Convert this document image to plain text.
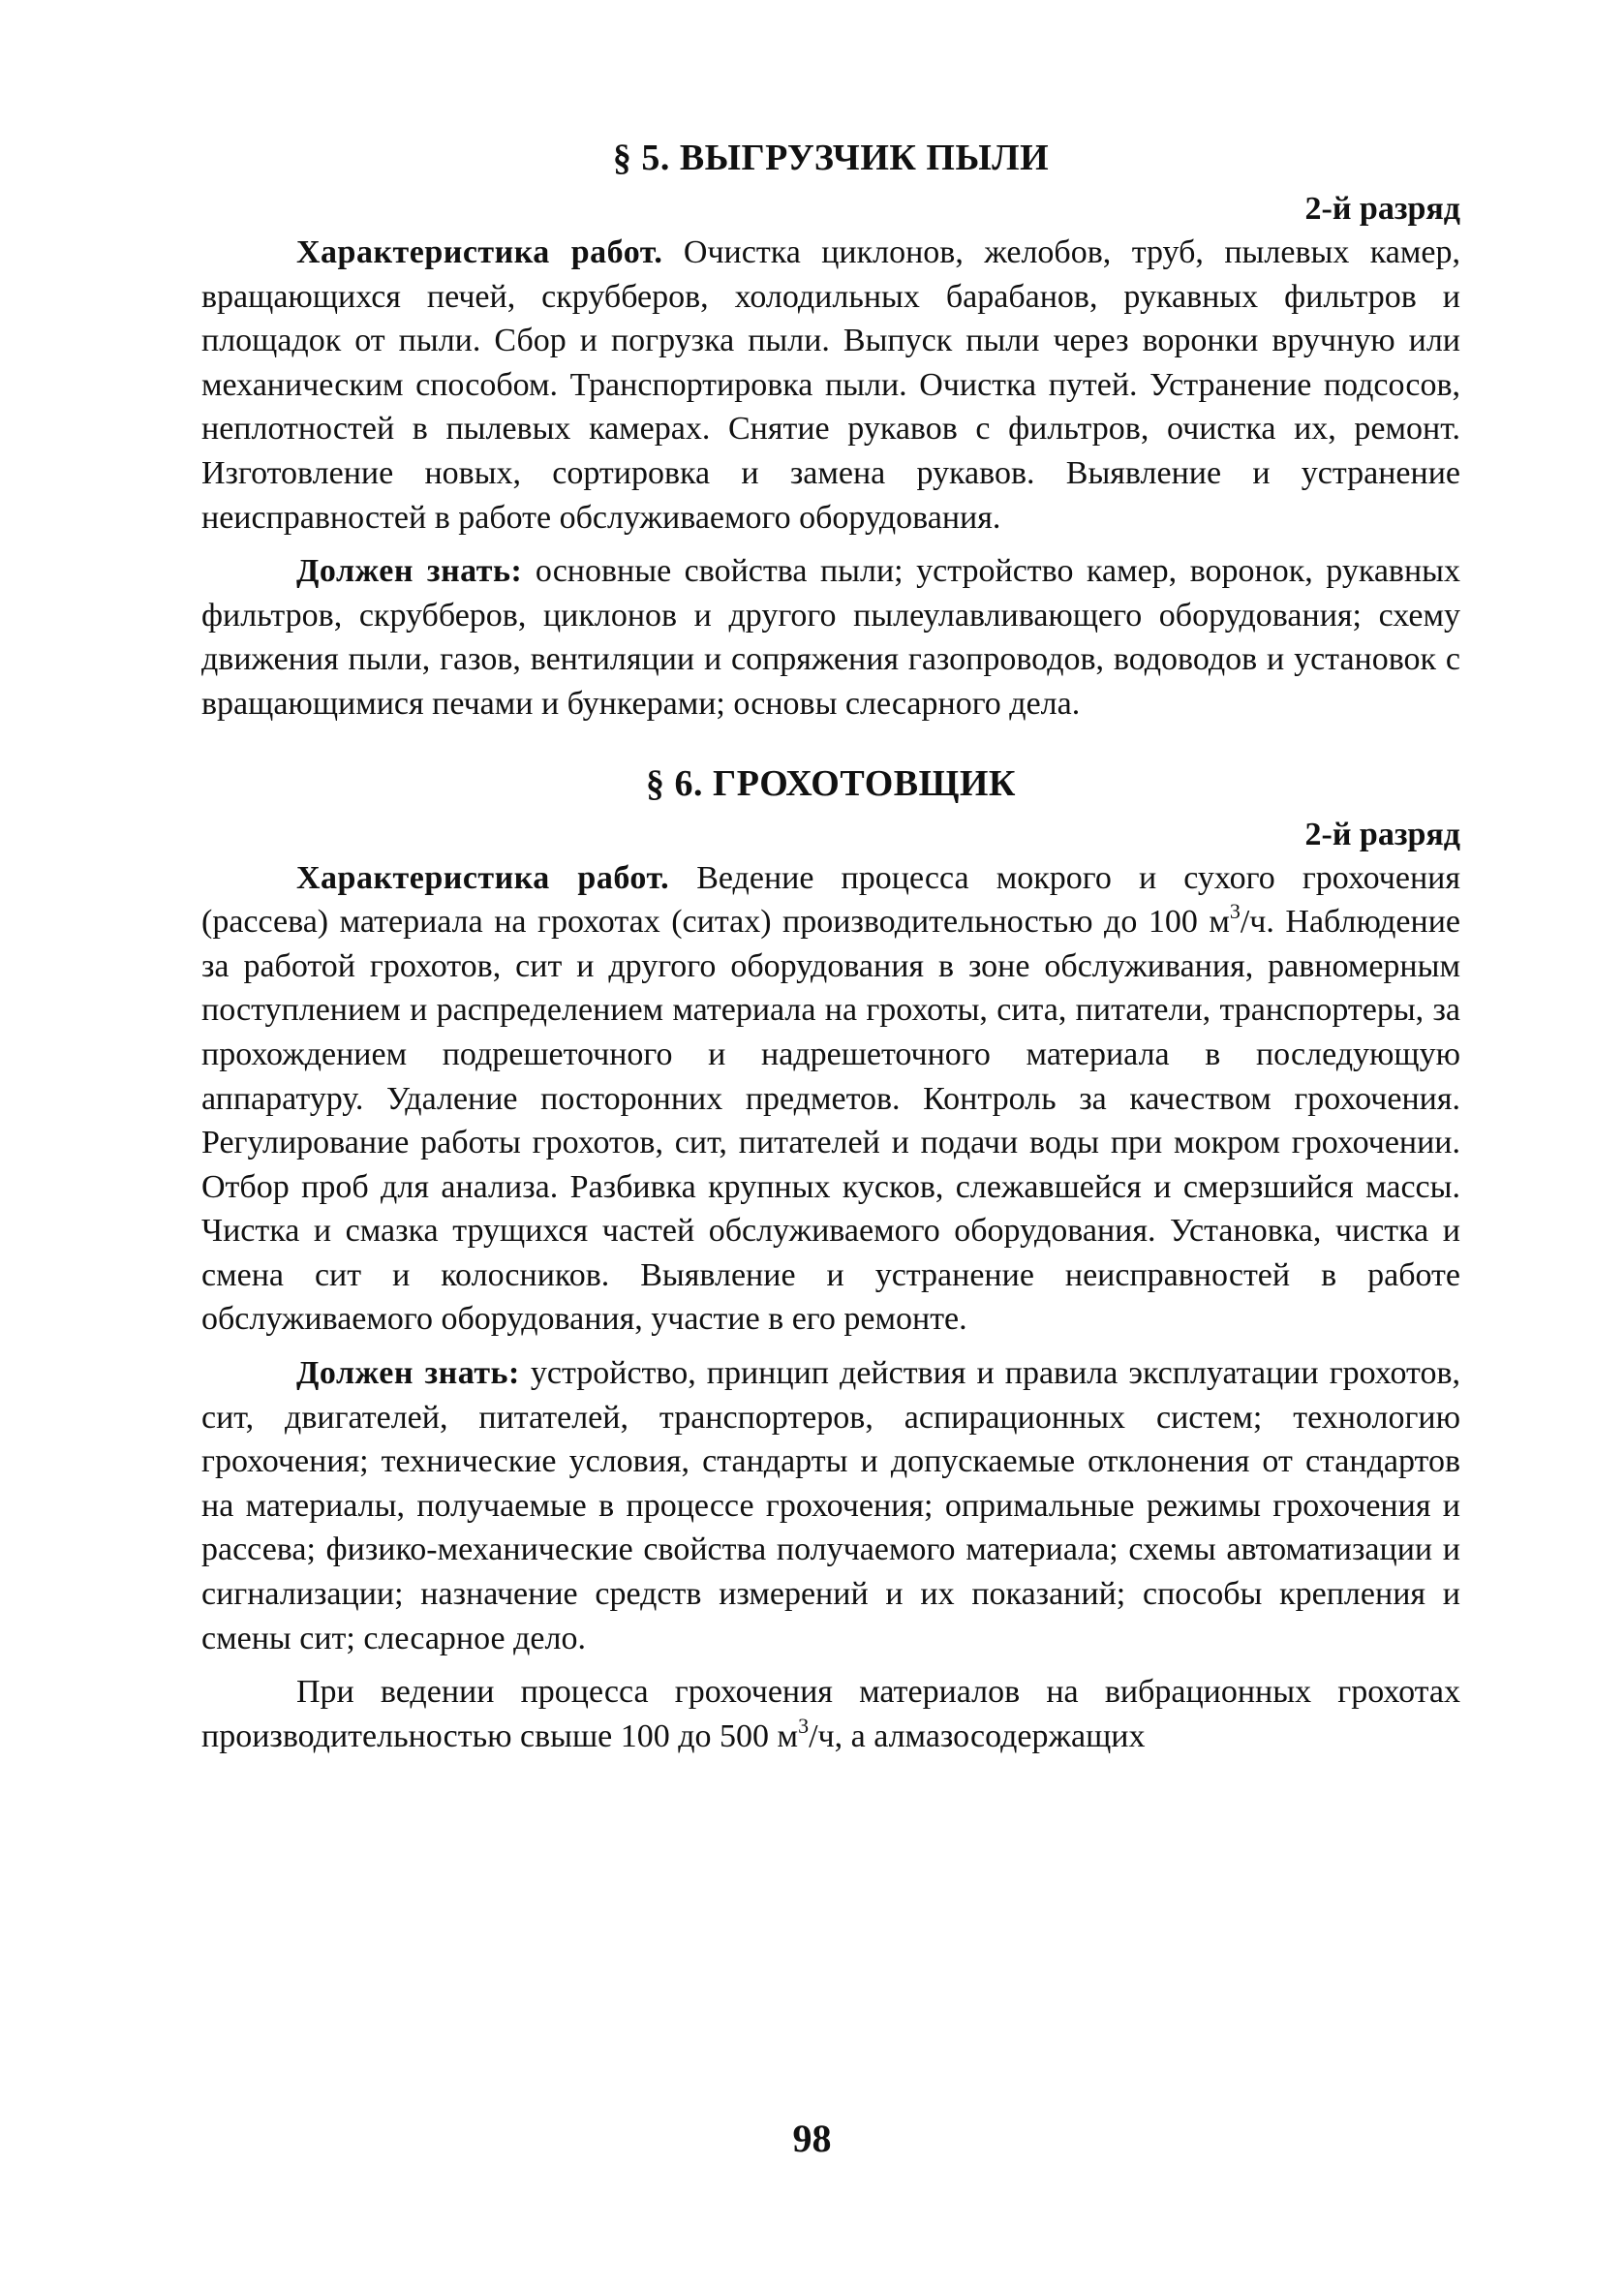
§ 5. ВЫГРУЗЧИК ПЫЛИ
2-й разряд

Характеристика работ. Очистка циклонов, желобов, труб, пылевых камер, вращающихся печей, скрубберов, холодильных барабанов, рукавных фильтров и площадок от пыли. Сбор и погрузка пыли. Выпуск пыли через воронки вручную или механическим способом. Транспортировка пыли. Очистка путей. Устранение подсосов, неплотностей в пылевых камерах. Снятие рукавов с фильтров, очистка их, ремонт. Изготовление новых, сортировка и замена рукавов. Выявление и устранение неисправностей в работе обслуживаемого оборудования.

Должен знать: основные свойства пыли; устройство камер, воронок, рукавных фильтров, скрубберов, циклонов и другого пылеулавливающего оборудования; схему движения пыли, газов, вентиляции и сопряжения газопроводов, водоводов и установок с вращающимися печами и бункерами; основы слесарного дела.

§ 6. ГРОХОТОВЩИК
2-й разряд

Характеристика работ. Ведение процесса мокрого и сухого грохочения (рассева) материала на грохотах (ситах) производительностью до 100 $м^3/ч$. Наблюдение за работой грохотов, сит и другого оборудования в зоне обслуживания, равномерным поступлением и распределением материала на грохоты, сита, питатели, транспортеры, за прохождением подрешеточного и надрешеточного материала в последующую аппаратуру. Удаление посторонних предметов. Контроль за качеством грохочения. Регулирование работы грохотов, сит, питателей и подачи воды при мокром грохочении. Отбор проб для анализа. Разбивка крупных кусков, слежавшейся и смерзшийся массы. Чистка и смазка трущихся частей обслуживаемого оборудования. Установка, чистка и смена сит и колосников. Выявление и устранение неисправностей в работе обслуживаемого оборудования, участие в его ремонте.

Должен знать: устройство, принцип действия и правила эксплуатации грохотов, сит, двигателей, питателей, транспортеров, аспирационных систем; технологию грохочения; технические условия, стандарты и допускаемые отклонения от стандартов на материалы, получаемые в процессе грохочения; опримальные режимы грохочения и рассева; физико-механические свойства получаемого материала; схемы автоматизации и сигнализации; назначение средств измерений и их показаний; способы крепления и смены сит; слесарное дело.

При ведении процесса грохочения материалов на вибрационных грохотах производительностью свыше 100 до 500 $м^3/ч$, а алмазосодержащих

98
